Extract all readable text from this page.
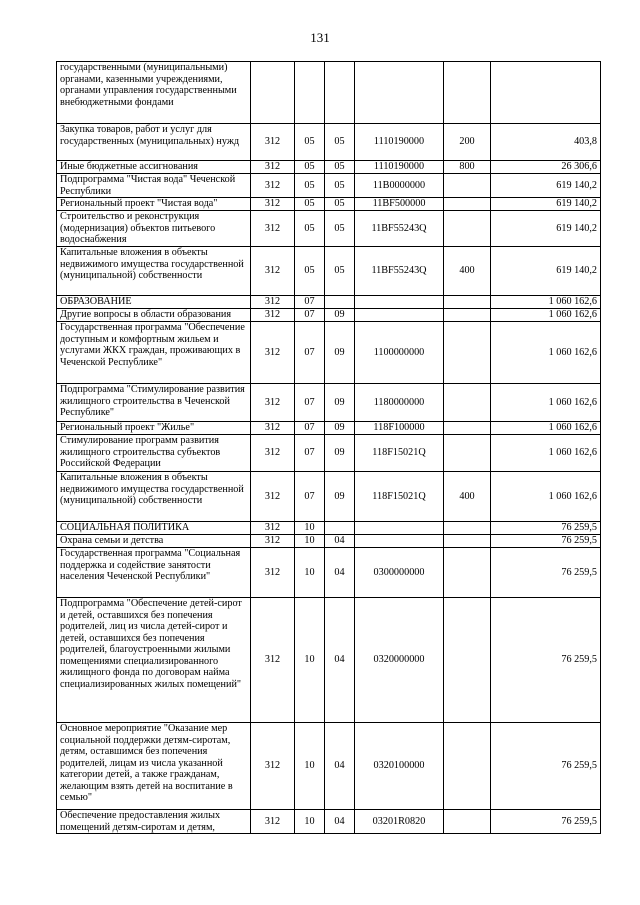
131
государственными (муниципальными) органами, казенными учреждениями, органами управления государственными внебюджетными фондами						
Закупка товаров, работ и услуг для государственных (муниципальных) нужд	312	05	05	1110190000	200	403,8
Иные бюджетные ассигнования	312	05	05	1110190000	800	26 306,6
Подпрограмма "Чистая вода" Чеченской Республики	312	05	05	11В0000000		619 140,2
Региональный проект "Чистая вода"	312	05	05	11ВF500000		619 140,2
Строительство и реконструкция (модернизация) объектов питьевого водоснабжения	312	05	05	11ВF55243Q		619 140,2
Капитальные вложения в объекты недвижимого имущества государственной (муниципальной) собственности	312	05	05	11ВF55243Q	400	619 140,2
ОБРАЗОВАНИЕ	312	07				1 060 162,6
Другие вопросы в области образования	312	07	09			1 060 162,6
Государственная программа "Обеспечение доступным и комфортным жильем и услугами ЖКХ граждан, проживающих в Чеченской Республике"	312	07	09	1100000000		1 060 162,6
Подпрограмма "Стимулирование развития жилищного строительства в Чеченской Республике"	312	07	09	1180000000		1 060 162,6
Региональный проект "Жилье"	312	07	09	118F100000		1 060 162,6
Стимулирование программ развития жилищного строительства субъектов Российской Федерации	312	07	09	118F15021Q		1 060 162,6
Капитальные вложения в объекты недвижимого имущества государственной (муниципальной) собственности	312	07	09	118F15021Q	400	1 060 162,6
СОЦИАЛЬНАЯ ПОЛИТИКА	312	10				76 259,5
Охрана семьи и детства	312	10	04			76 259,5
Государственная программа "Социальная поддержка и содействие занятости населения Чеченской Республики"	312	10	04	0300000000		76 259,5
Подпрограмма "Обеспечение детей-сирот и детей, оставшихся без попечения родителей, лиц из числа детей-сирот и детей, оставшихся без попечения родителей, благоустроенными жилыми помещениями специализированного жилищного фонда по договорам найма специализированных жилых помещений"	312	10	04	0320000000		76 259,5
Основное мероприятие "Оказание мер социальной поддержки детям-сиротам, детям, оставшимся без попечения родителей, лицам из числа указанной категории детей, а также гражданам, желающим взять детей на воспитание в семью"	312	10	04	0320100000		76 259,5
Обеспечение предоставления жилых помещений детям-сиротам и детям,	312	10	04	03201R0820		76 259,5
